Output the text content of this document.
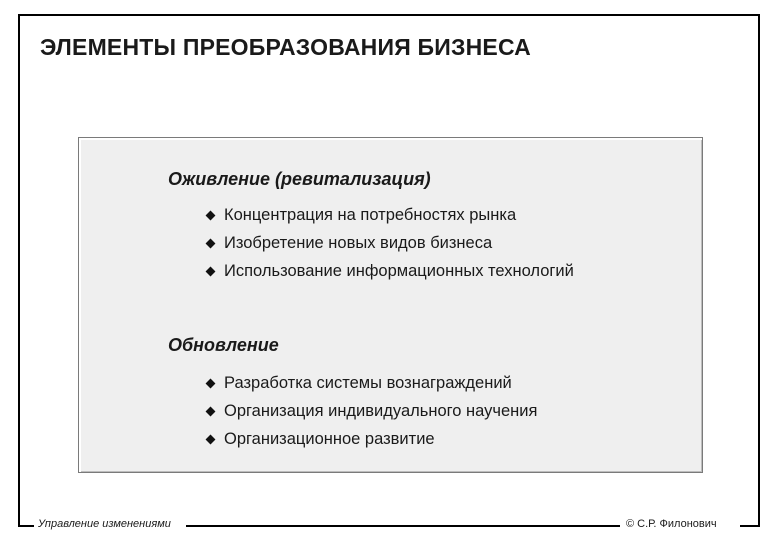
ЭЛЕМЕНТЫ ПРЕОБРАЗОВАНИЯ БИЗНЕСА
Оживление (ревитализация)
Концентрация на потребностях рынка
Изобретение новых видов бизнеса
Использование информационных технологий
Обновление
Разработка системы вознаграждений
Организация индивидуального научения
Организационное развитие
Управление изменениями	© С.Р. Филонович
